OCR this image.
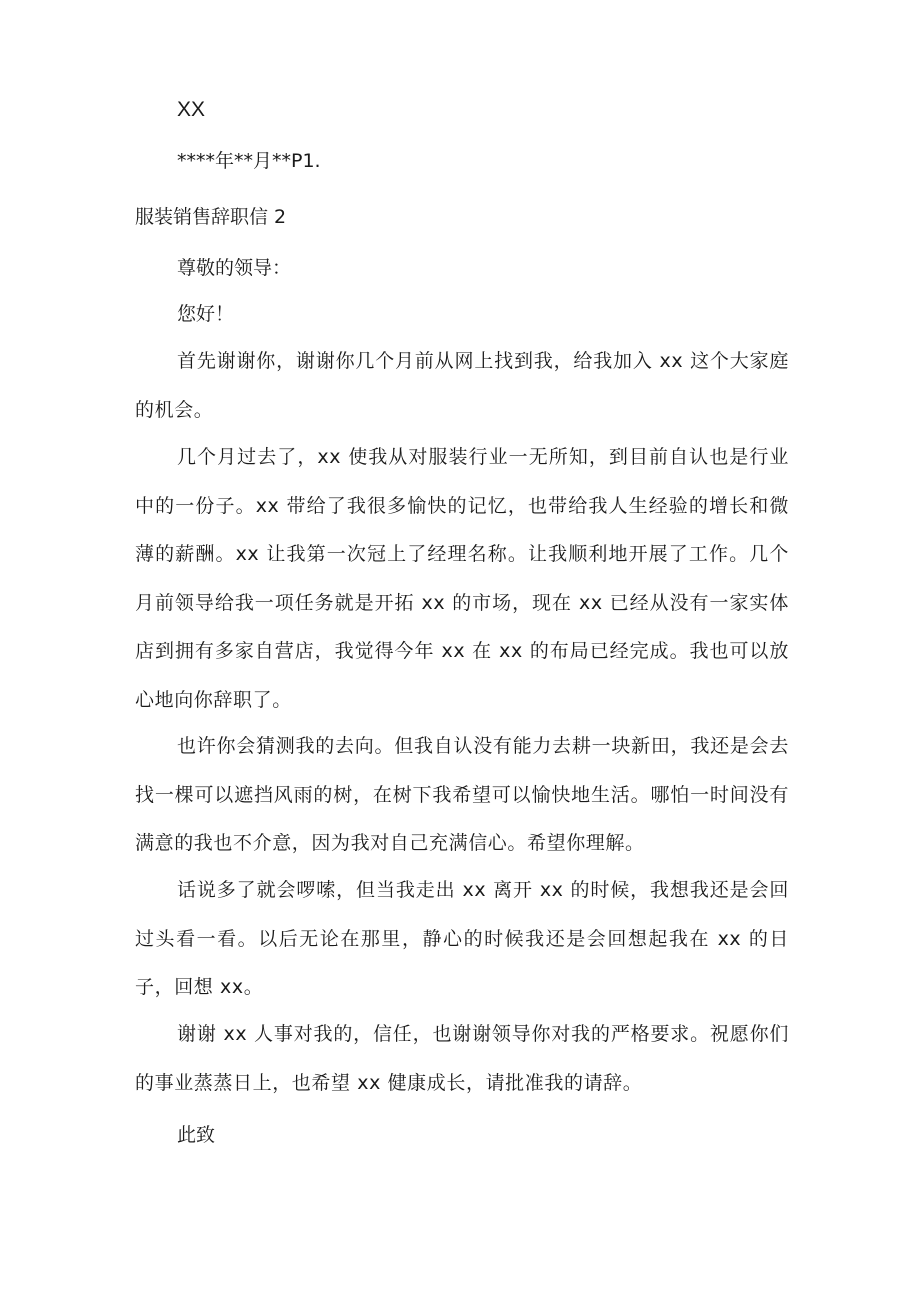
XX
****年**月**P1.
服装销售辞职信 2
尊敬的领导：
您好！
首先谢谢你，谢谢你几个月前从网上找到我，给我加入 xx 这个大家庭的机会。
几个月过去了，xx 使我从对服装行业一无所知，到目前自认也是行业中的一份子。xx 带给了我很多愉快的记忆，也带给我人生经验的增长和微薄的薪酬。xx 让我第一次冠上了经理名称。让我顺利地开展了工作。几个月前领导给我一项任务就是开拓 xx 的市场，现在 xx 已经从没有一家实体店到拥有多家自营店，我觉得今年 xx 在 xx 的布局已经完成。我也可以放心地向你辞职了。
也许你会猜测我的去向。但我自认没有能力去耕一块新田，我还是会去找一棵可以遮挡风雨的树，在树下我希望可以愉快地生活。哪怕一时间没有满意的我也不介意，因为我对自己充满信心。希望你理解。
话说多了就会啰嗦，但当我走出 xx 离开 xx 的时候，我想我还是会回过头看一看。以后无论在那里，静心的时候我还是会回想起我在 xx 的日子，回想 xx。
谢谢 xx 人事对我的，信任，也谢谢领导你对我的严格要求。祝愿你们的事业蒸蒸日上，也希望 xx 健康成长，请批准我的请辞。
此致
